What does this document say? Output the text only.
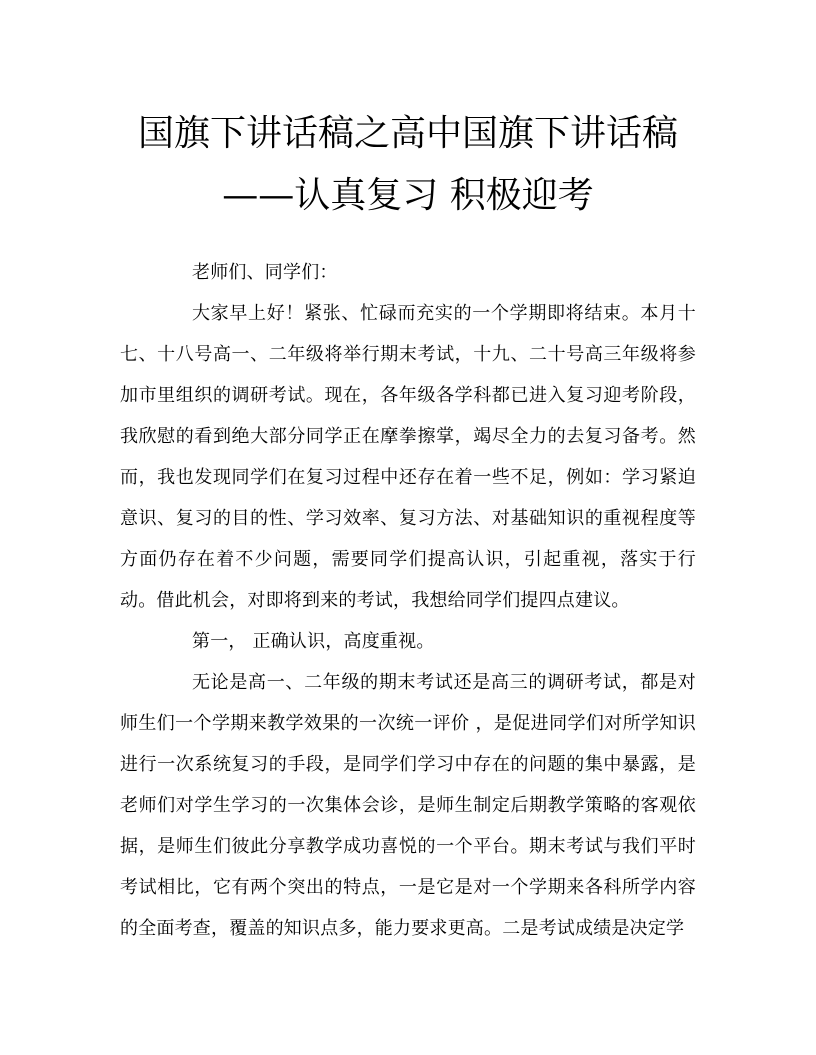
国旗下讲话稿之高中国旗下讲话稿
——认真复习 积极迎考

老师们、同学们：

大家早上好！紧张、忙碌而充实的一个学期即将结束。本月十七、十八号高一、二年级将举行期末考试，十九、二十号高三年级将参加市里组织的调研考试。现在，各年级各学科都已进入复习迎考阶段，我欣慰的看到绝大部分同学正在摩拳擦掌，竭尽全力的去复习备考。然而，我也发现同学们在复习过程中还存在着一些不足，例如：学习紧迫意识、复习的目的性、学习效率、复习方法、对基础知识的重视程度等方面仍存在着不少问题，需要同学们提高认识，引起重视，落实于行动。借此机会，对即将到来的考试，我想给同学们提四点建议。

第一， 正确认识，高度重视。

无论是高一、二年级的期末考试还是高三的调研考试，都是对师生们一个学期来教学效果的一次统一评价 ，是促进同学们对所学知识进行一次系统复习的手段，是同学们学习中存在的问题的集中暴露，是老师们对学生学习的一次集体会诊，是师生制定后期教学策略的客观依据，是师生们彼此分享教学成功喜悦的一个平台。期末考试与我们平时考试相比，它有两个突出的特点，一是它是对一个学期来各科所学内容的全面考查，覆盖的知识点多，能力要求更高。二是考试成绩是决定学
